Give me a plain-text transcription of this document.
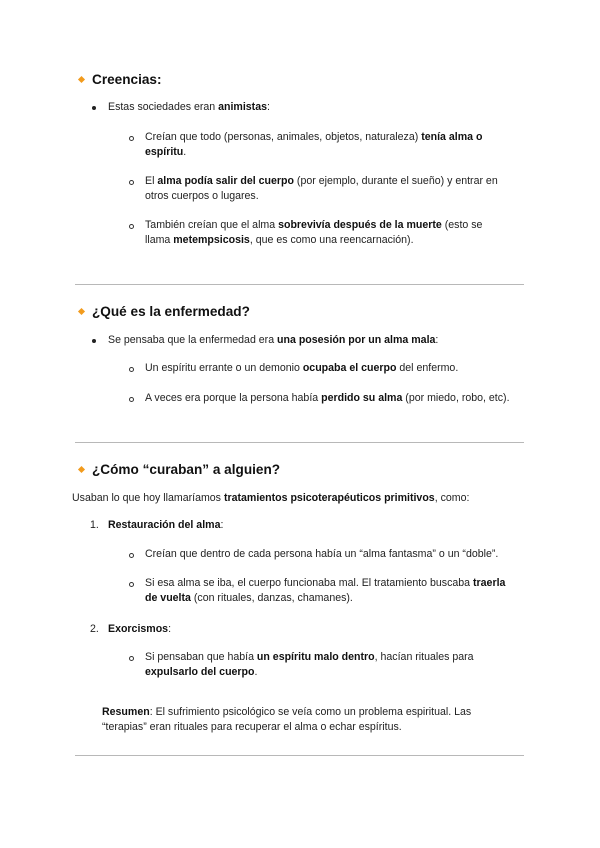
Creencias:
Estas sociedades eran animistas:
Creían que todo (personas, animales, objetos, naturaleza) tenía alma o
espíritu.
El alma podía salir del cuerpo (por ejemplo, durante el sueño) y entrar en
otros cuerpos o lugares.
También creían que el alma sobrevivía después de la muerte (esto se
llama metempsicosis, que es como una reencarnación).
¿Qué es la enfermedad?
Se pensaba que la enfermedad era una posesión por un alma mala:
Un espíritu errante o un demonio ocupaba el cuerpo del enfermo.
A veces era porque la persona había perdido su alma (por miedo, robo, etc).
¿Cómo “curaban” a alguien?
Usaban lo que hoy llamaríamos tratamientos psicoterapéuticos primitivos, como:
1. Restauración del alma:
Creían que dentro de cada persona había un “alma fantasma” o un “doble”.
Si esa alma se iba, el cuerpo funcionaba mal. El tratamiento buscaba traerla
de vuelta (con rituales, danzas, chamanes).
2. Exorcismos:
Si pensaban que había un espíritu malo dentro, hacían rituales para
expulsarlo del cuerpo.
Resumen: El sufrimiento psicológico se veía como un problema espiritual. Las
“terapias” eran rituales para recuperar el alma o echar espíritus.
